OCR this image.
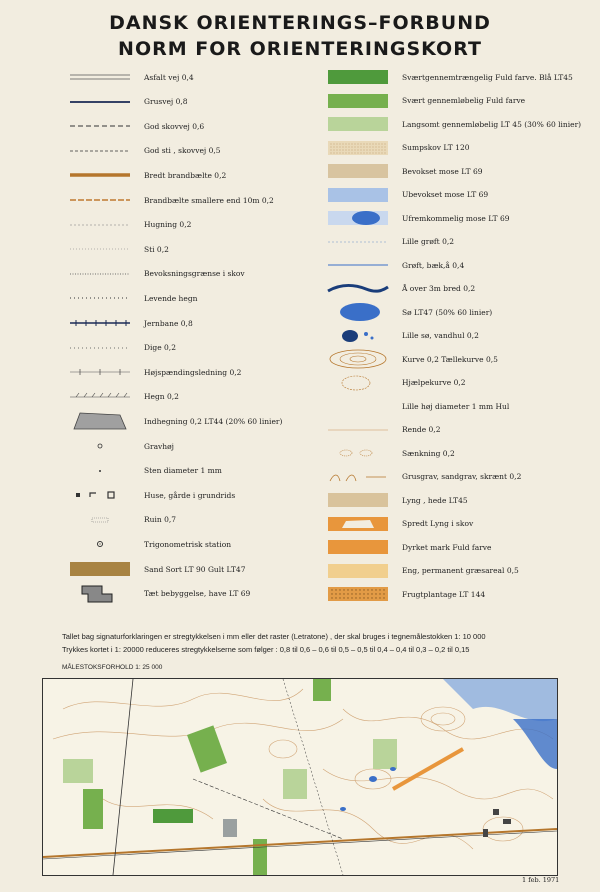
DANSK ORIENTERINGS–FORBUND
NORM FOR ORIENTERINGSKORT
Asfalt vej 0,4
Grusvej 0,8
God skovvej 0,6
God sti , skovvej 0,5
Bredt brandbælte 0,2
Brandbælte smallere end 10m 0,2
Hugning 0,2
Sti 0,2
Bevoksningsgrænse i skov
Levende hegn
Jernbane 0,8
Dige 0,2
Højspændingsledning 0,2
Hegn 0,2
Indhegning 0,2 LT44 (20% 60 linier)
Gravhøj
Sten diameter 1 mm
Huse, gårde i grundrids
Ruin 0,7
Trigonometrisk station
Sand Sort LT 90 Gult LT47
Tæt bebyggelse, have LT 69
Sværtgennemtrængelig Fuld farve. Blå LT45
Svært gennemløbelig Fuld farve
Langsomt gennemløbelig LT 45 (30% 60 linier)
Sumpskov LT 120
Bevokset mose LT 69
Ubevokset mose LT 69
Ufremkommelig mose LT 69
Lille grøft 0,2
Grøft, bæk,å 0,4
Å over 3m bred 0,2
Sø LT47 (50% 60 linier)
Lille sø, vandhul 0,2
Kurve 0,2 Tællekurve 0,5
Hjælpekurve 0,2
Lille høj diameter 1 mm Hul
Rende 0,2
Sænkning 0,2
Grusgrav, sandgrav, skrænt 0,2
Lyng , hede LT45
Spredt Lyng i skov
Dyrket mark Fuld farve
Eng, permanent græsareal 0,5
Frugtplantage LT 144
Tallet bag signaturforklaringen er stregtykkelsen i mm eller det raster (Letratone) , der skal bruges i tegnemålestokken 1: 10 000
Trykkes kortet i 1: 20000 reduceres stregtykkelserne som følger : 0,8 til 0,6 – 0,6 til 0,5 – 0,5 til 0,4 – 0,4 til 0,3 – 0,2 til 0,15
MÅLESTOKSFORHOLD 1: 25 000
1 feb. 1971
